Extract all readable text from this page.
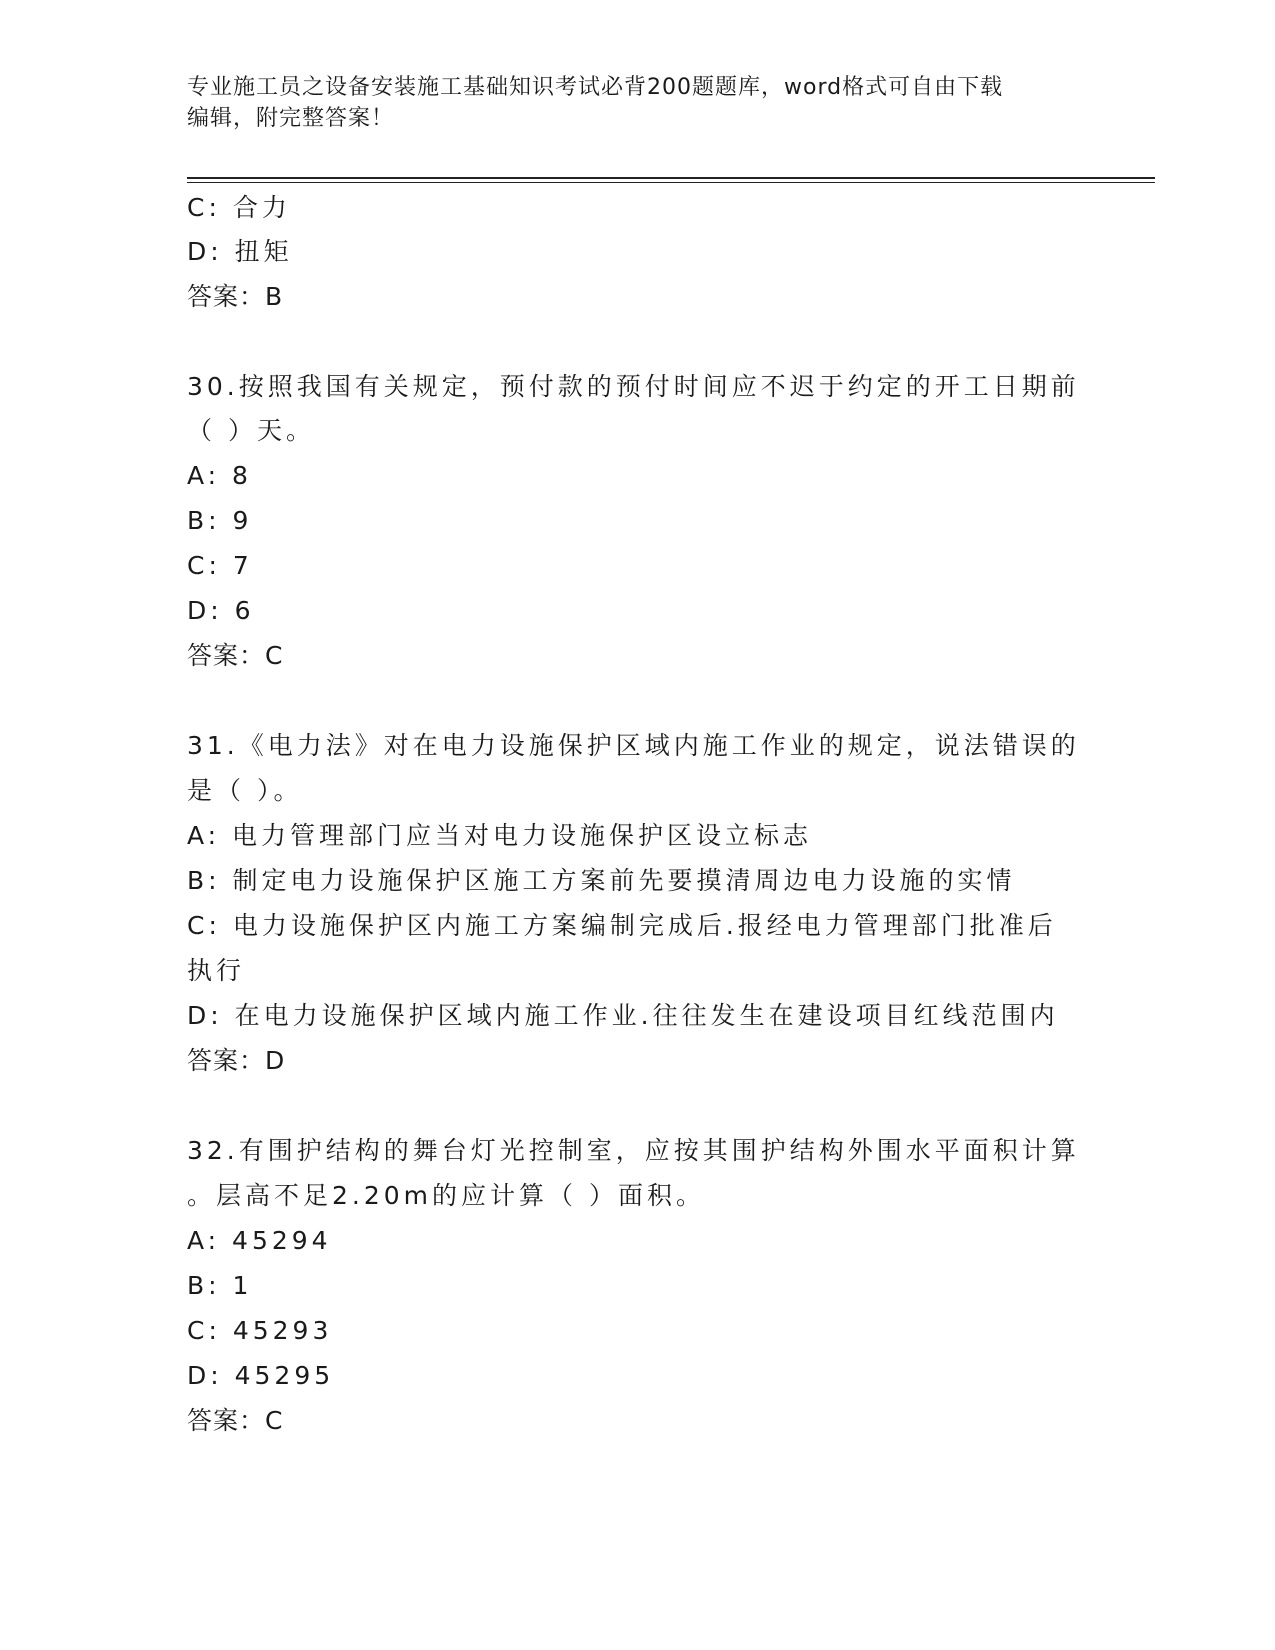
专业施工员之设备安装施工基础知识考试必背200题题库，word格式可自由下载
编辑，附完整答案！
C: 合力
D: 扭矩
答案：B
30.按照我国有关规定，预付款的预付时间应不迟于约定的开工日期前
（ ）天。
A: 8
B: 9
C: 7
D: 6
答案：C
31.《电力法》对在电力设施保护区域内施工作业的规定，说法错误的
是（ ）。
A: 电力管理部门应当对电力设施保护区设立标志
B: 制定电力设施保护区施工方案前先要摸清周边电力设施的实情
C: 电力设施保护区内施工方案编制完成后.报经电力管理部门批准后
执行
D: 在电力设施保护区域内施工作业.往往发生在建设项目红线范围内
答案：D
32.有围护结构的舞台灯光控制室，应按其围护结构外围水平面积计算
。层高不足2.20m的应计算（ ）面积。
A: 45294
B: 1
C: 45293
D: 45295
答案：C
